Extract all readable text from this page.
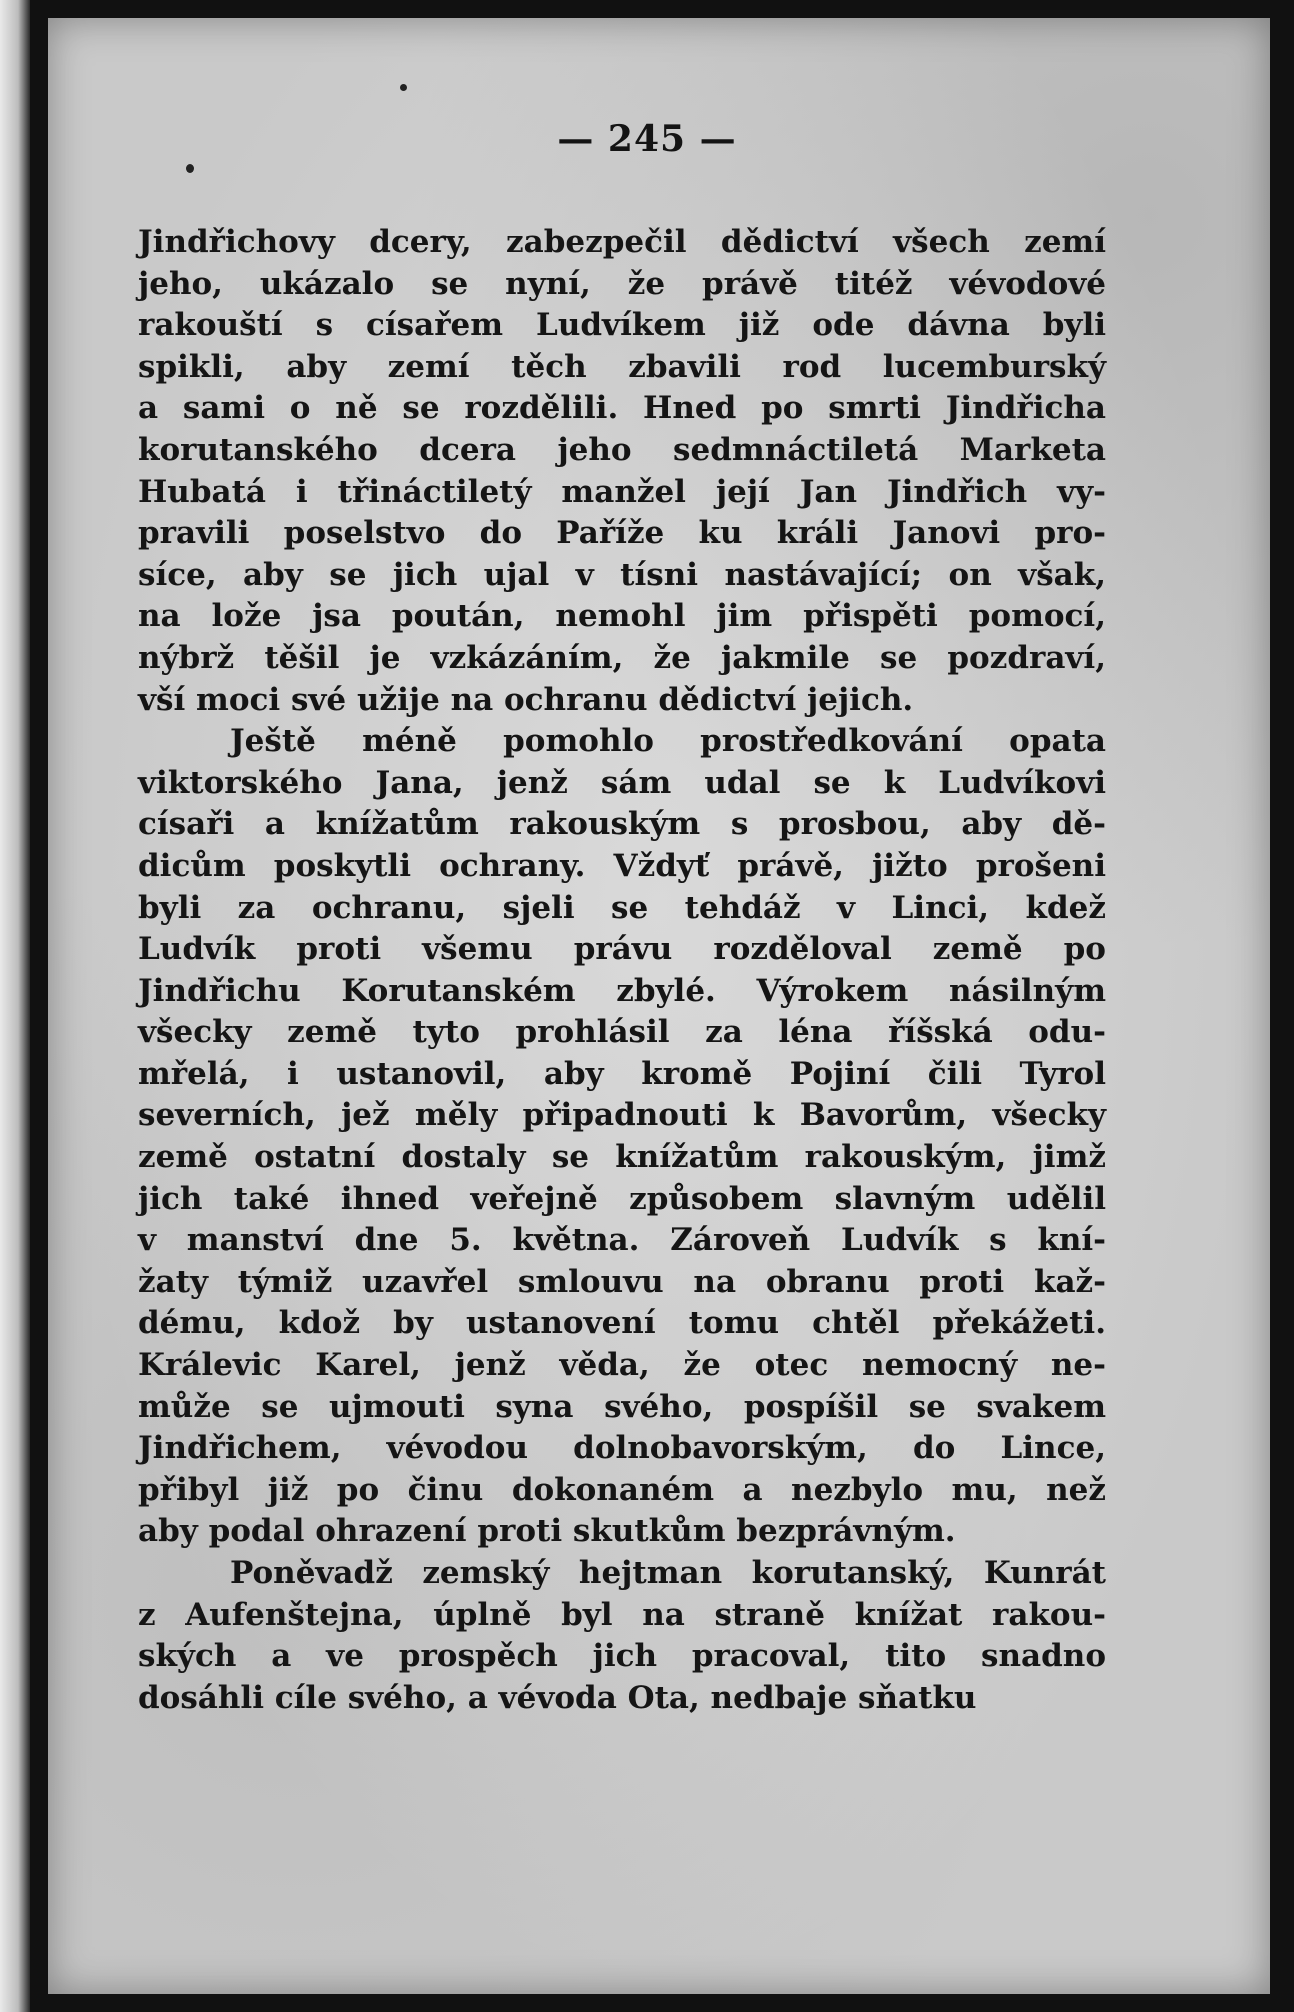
— 245 —
Jindřichovy dcery, zabezpečil dědictví všech zemí
jeho, ukázalo se nyní, že právě titéž vévodové
rakouští s císařem Ludvíkem již ode dávna byli
spikli, aby zemí těch zbavili rod lucemburský
a sami o ně se rozdělili. Hned po smrti Jindřicha
korutanského dcera jeho sedmnáctiletá Marketa
Hubatá i třináctiletý manžel její Jan Jindřich vy-
pravili poselstvo do Paříže ku králi Janovi pro-
síce, aby se jich ujal v tísni nastávající; on však,
na lože jsa poután, nemohl jim přispěti pomocí,
nýbrž těšil je vzkázáním, že jakmile se pozdraví,
vší moci své užije na ochranu dědictví jejich.
Ještě méně pomohlo prostředkování opata
viktorského Jana, jenž sám udal se k Ludvíkovi
císaři a knížatům rakouským s prosbou, aby dě-
dicům poskytli ochrany. Vždyť právě, jižto prošeni
byli za ochranu, sjeli se tehdáž v Linci, kdež
Ludvík proti všemu právu rozděloval země po
Jindřichu Korutanském zbylé. Výrokem násilným
všecky země tyto prohlásil za léna říšská odu-
mřelá, i ustanovil, aby kromě Pojiní čili Tyrol
severních, jež měly připadnouti k Bavorům, všecky
země ostatní dostaly se knížatům rakouským, jimž
jich také ihned veřejně způsobem slavným udělil
v manství dne 5. května. Zároveň Ludvík s kní-
žaty týmiž uzavřel smlouvu na obranu proti kaž-
dému, kdož by ustanovení tomu chtěl překážeti.
Králevic Karel, jenž věda, že otec nemocný ne-
může se ujmouti syna svého, pospíšil se svakem
Jindřichem, vévodou dolnobavorským, do Lince,
přibyl již po činu dokonaném a nezbylo mu, než
aby podal ohrazení proti skutkům bezprávným.
Poněvadž zemský hejtman korutanský, Kunrát
z Aufenštejna, úplně byl na straně knížat rakou-
ských a ve prospěch jich pracoval, tito snadno
dosáhli cíle svého, a vévoda Ota, nedbaje sňatku
